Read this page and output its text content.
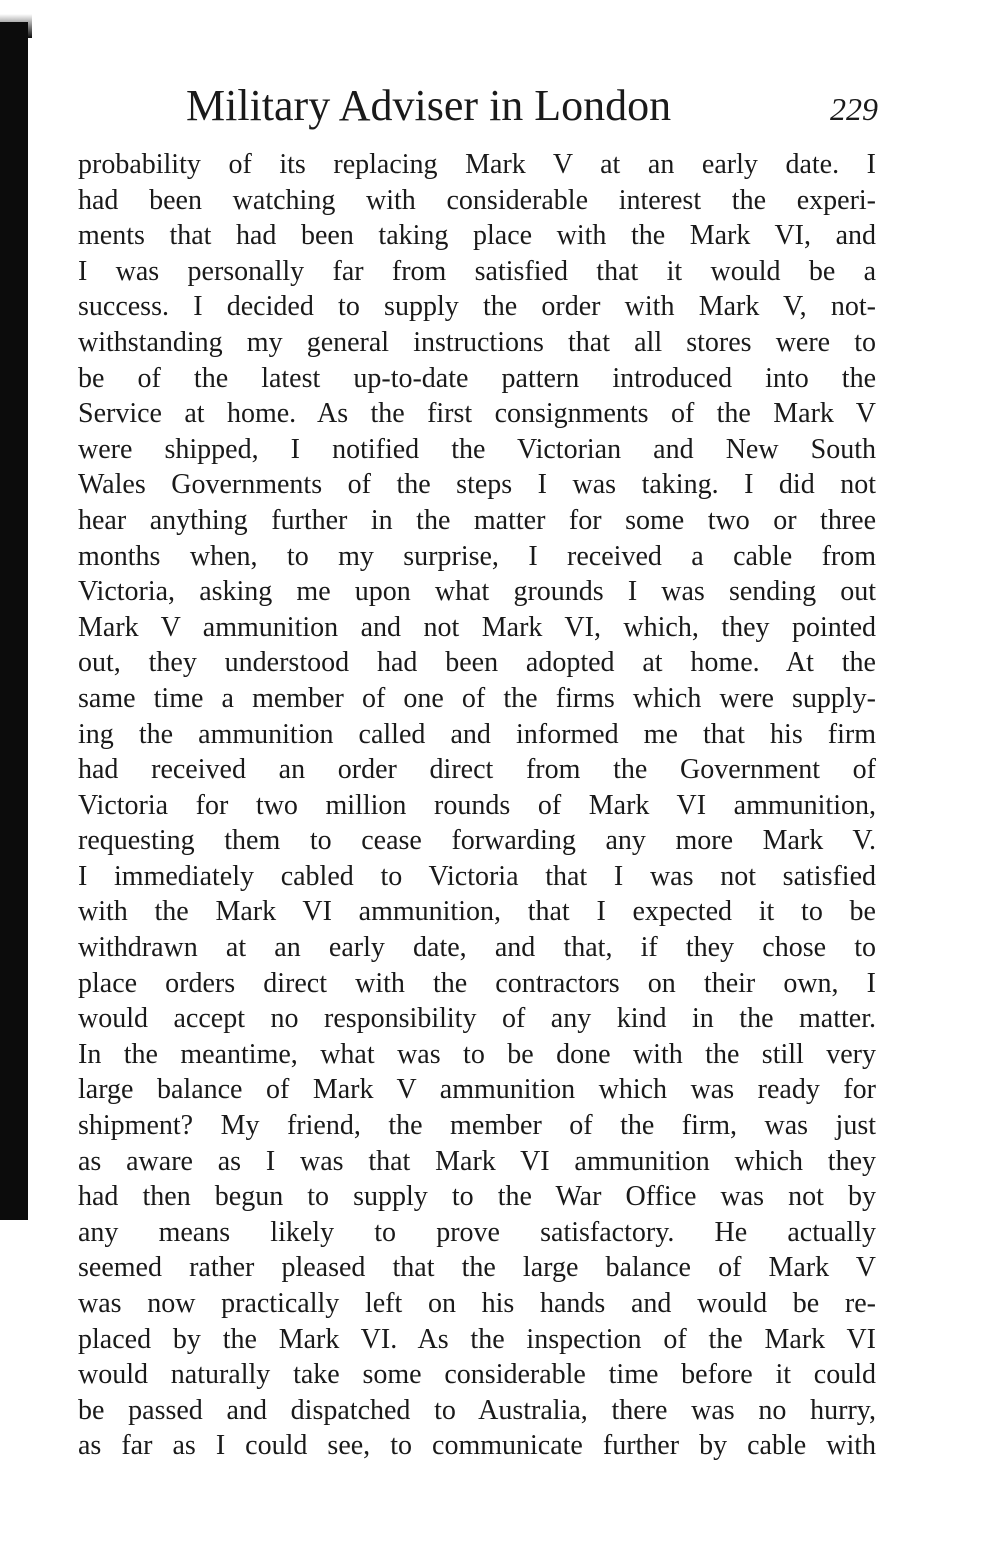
Military Adviser in London	229
probability of its replacing Mark V at an early date. I
had been watching with considerable interest the experi-
ments that had been taking place with the Mark VI, and
I was personally far from satisfied that it would be a
success. I decided to supply the order with Mark V, not-
withstanding my general instructions that all stores were to
be of the latest up-to-date pattern introduced into the
Service at home. As the first consignments of the Mark V
were shipped, I notified the Victorian and New South
Wales Governments of the steps I was taking. I did not
hear anything further in the matter for some two or three
months when, to my surprise, I received a cable from
Victoria, asking me upon what grounds I was sending out
Mark V ammunition and not Mark VI, which, they pointed
out, they understood had been adopted at home. At the
same time a member of one of the firms which were supply-
ing the ammunition called and informed me that his firm
had received an order direct from the Government of
Victoria for two million rounds of Mark VI ammunition,
requesting them to cease forwarding any more Mark V.
I immediately cabled to Victoria that I was not satisfied
with the Mark VI ammunition, that I expected it to be
withdrawn at an early date, and that, if they chose to
place orders direct with the contractors on their own, I
would accept no responsibility of any kind in the matter.
In the meantime, what was to be done with the still very
large balance of Mark V ammunition which was ready for
shipment? My friend, the member of the firm, was just
as aware as I was that Mark VI ammunition which they
had then begun to supply to the War Office was not by
any means likely to prove satisfactory. He actually
seemed rather pleased that the large balance of Mark V
was now practically left on his hands and would be re-
placed by the Mark VI. As the inspection of the Mark VI
would naturally take some considerable time before it could
be passed and dispatched to Australia, there was no hurry,
as far as I could see, to communicate further by cable with
